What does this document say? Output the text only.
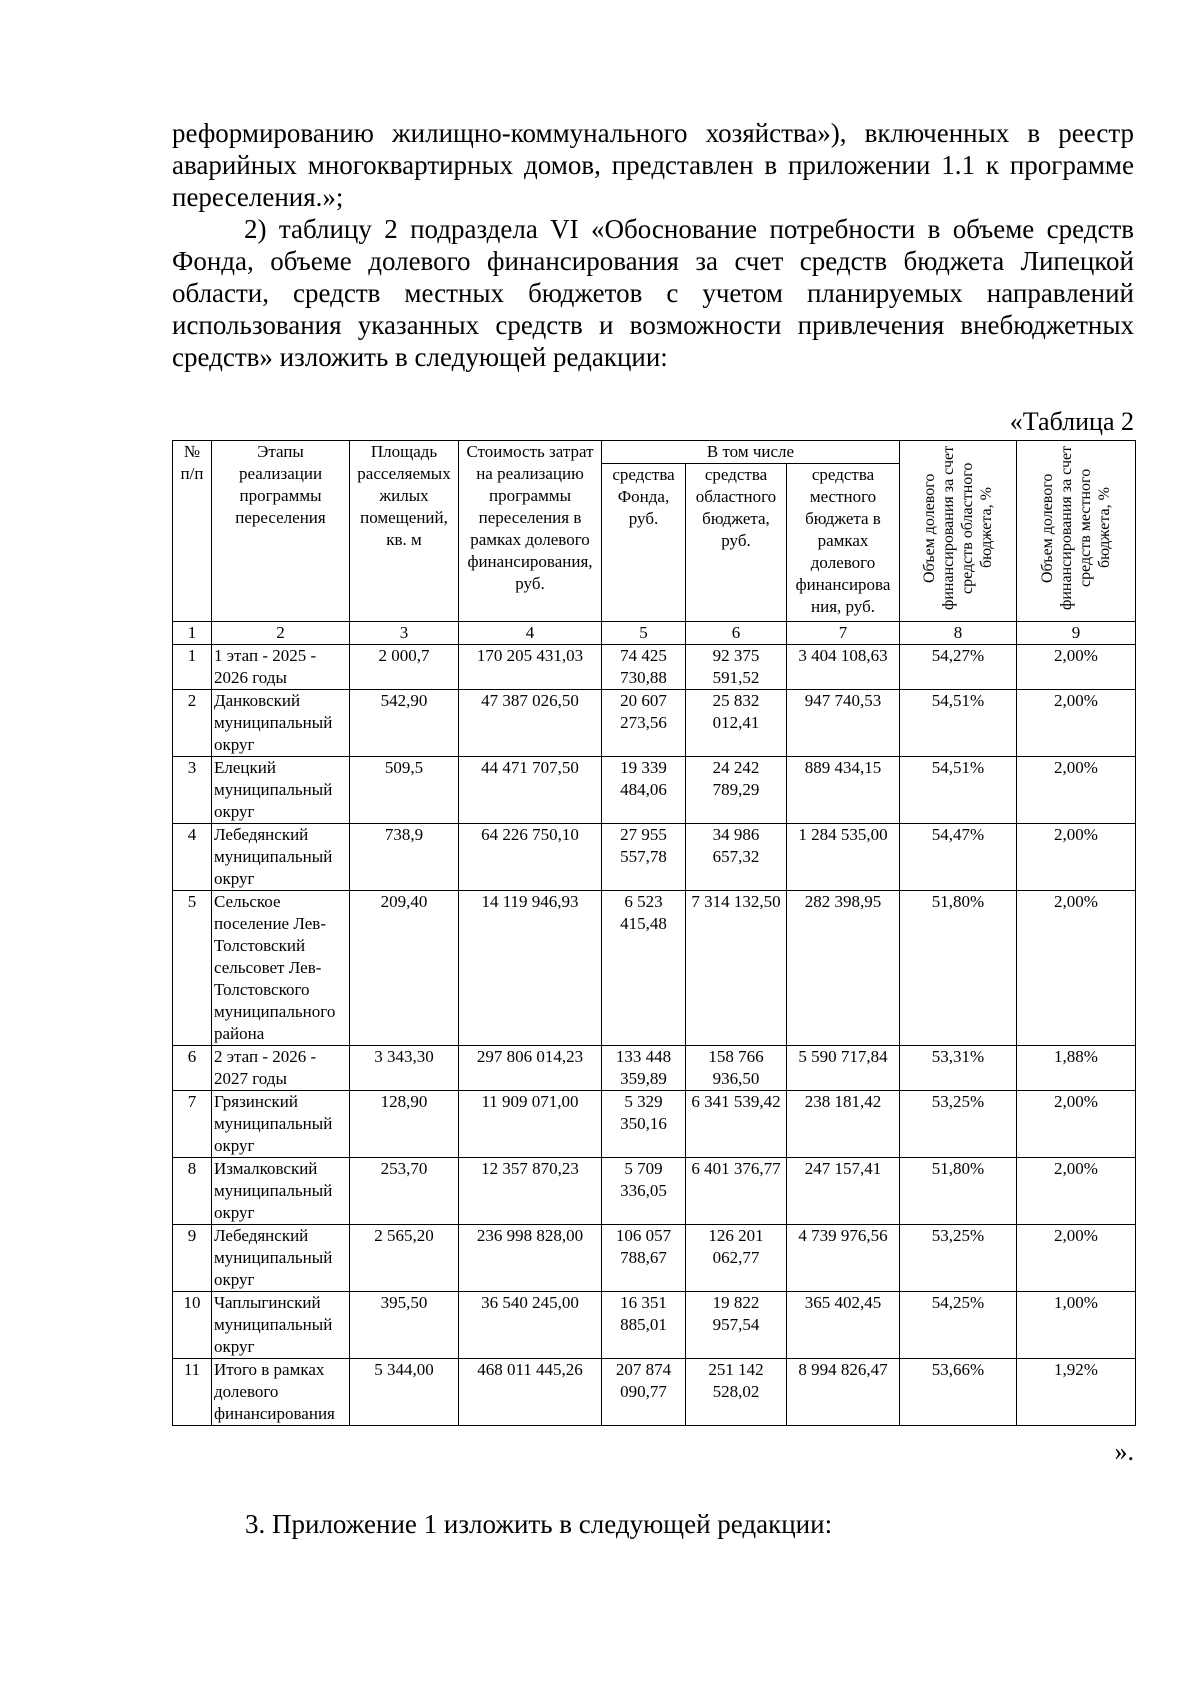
реформированию жилищно-коммунального хозяйства»), включенных в реестр аварийных многоквартирных домов, представлен в приложении 1.1 к программе переселения.»;

2) таблицу 2 подраздела VI «Обоснование потребности в объеме средств Фонда, объеме долевого финансирования за счет средств бюджета Липецкой области, средств местных бюджетов с учетом планируемых направлений использования указанных средств и возможности привлечения внебюджетных средств» изложить в следующей редакции:

«Таблица 2
№ п/п	Этапы реализации программы переселения	Площадь расселяемых жилых помещений, кв. м	Стоимость затрат на реализацию программы переселения в рамках долевого финансирования, руб.	В том числе			Объем долевого финансирования за счет средств областного бюджета, %	Объем долевого финансирования за счет средств местного бюджета, %
				средства Фонда, руб.	средства областного бюджета, руб.	средства местного бюджета в рамках долевого финансирова ния, руб.		
1	2	3	4	5	6	7	8	9
1	1 этап - 2025 - 2026 годы	2 000,7	170 205 431,03	74 425 730,88	92 375 591,52	3 404 108,63	54,27%	2,00%
2	Данковский муниципальный округ	542,90	47 387 026,50	20 607 273,56	25 832 012,41	947 740,53	54,51%	2,00%
3	Елецкий муниципальный округ	509,5	44 471 707,50	19 339 484,06	24 242 789,29	889 434,15	54,51%	2,00%
4	Лебедянский муниципальный округ	738,9	64 226 750,10	27 955 557,78	34 986 657,32	1 284 535,00	54,47%	2,00%
5	Сельское поселение Лев-Толстовский сельсовет Лев-Толстовского муниципального района	209,40	14 119 946,93	6 523 415,48	7 314 132,50	282 398,95	51,80%	2,00%
6	2 этап - 2026 - 2027 годы	3 343,30	297 806 014,23	133 448 359,89	158 766 936,50	5 590 717,84	53,31%	1,88%
7	Грязинский муниципальный округ	128,90	11 909 071,00	5 329 350,16	6 341 539,42	238 181,42	53,25%	2,00%
8	Измалковский муниципальный округ	253,70	12 357 870,23	5 709 336,05	6 401 376,77	247 157,41	51,80%	2,00%
9	Лебедянский муниципальный округ	2 565,20	236 998 828,00	106 057 788,67	126 201 062,77	4 739 976,56	53,25%	2,00%
10	Чаплыгинский муниципальный округ	395,50	36 540 245,00	16 351 885,01	19 822 957,54	365 402,45	54,25%	1,00%
11	Итого в рамках долевого финансирования	5 344,00	468 011 445,26	207 874 090,77	251 142 528,02	8 994 826,47	53,66%	1,92%
».
3. Приложение 1 изложить в следующей редакции:
